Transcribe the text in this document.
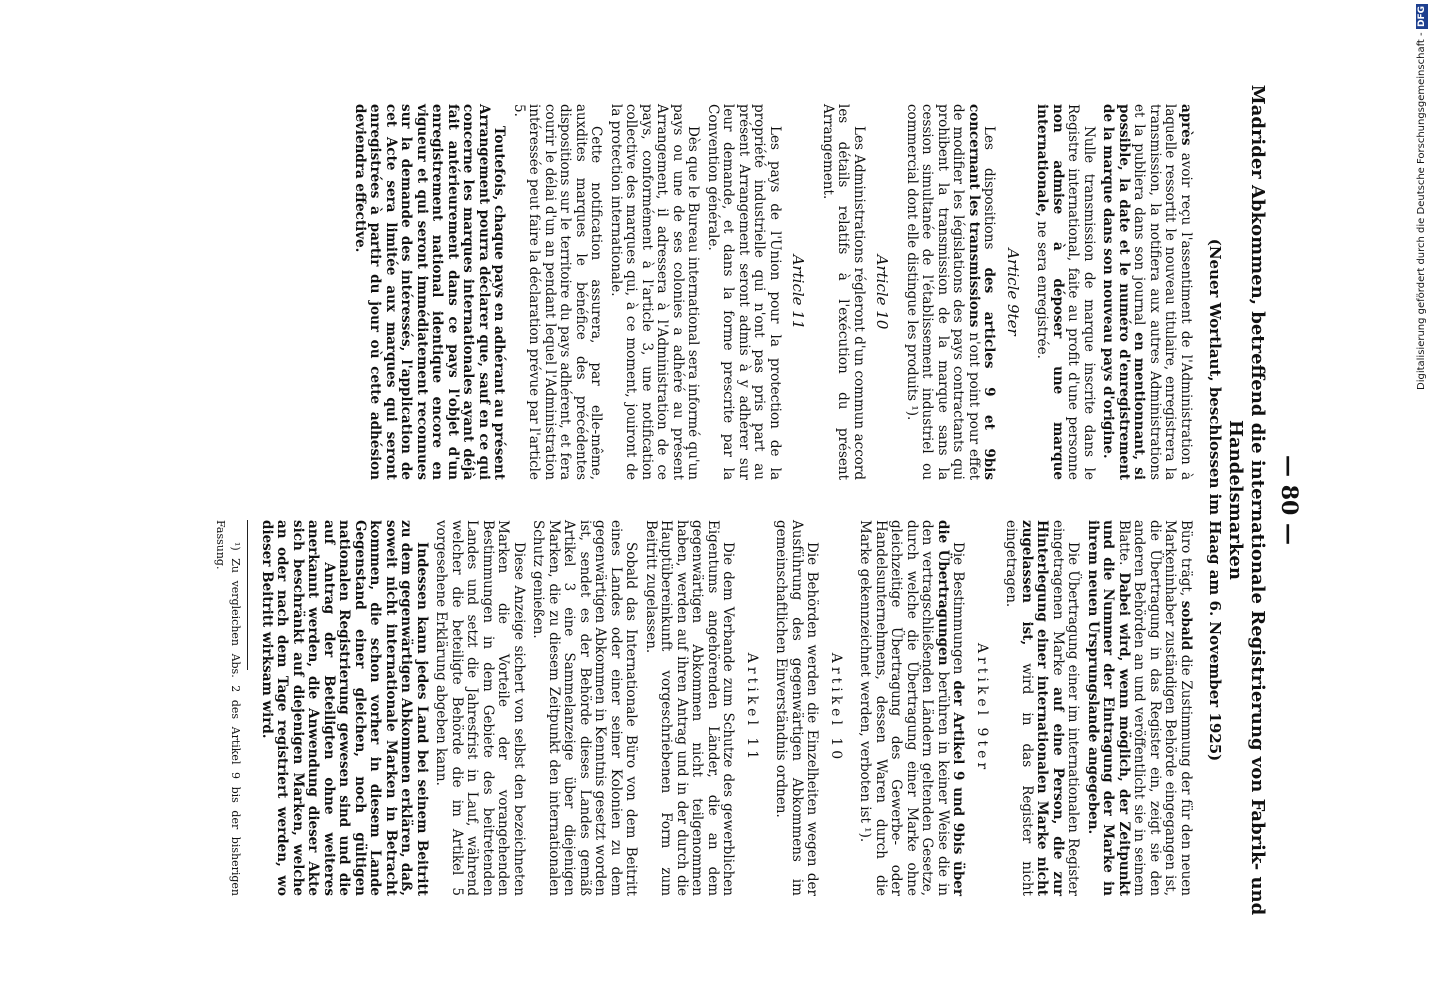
— 80 —
Madrider Abkommen, betreffend die internationale Registrierung von Fabrik- und Handelsmarken
(Neuer Wortlaut, beschlossen im Haag am 6. November 1925)

après avoir reçu l'assentiment de l'Administration à laquelle ressortit le nouveau titulaire, enregistrera la transmission, la notifiera aux autres Administrations et la publiera dans son journal en mentionnant, si possible, la date et le numéro d'enregistrement de la marque dans son nouveau pays d'origine.

Nulle transmission de marque inscrite dans le Registre international, faite au profit d'une personne non admise à déposer une marque internationale, ne sera enregistrée.

Article 9ter

Les dispositions des articles 9 et 9bis concernant les transmissions n'ont point pour effet de modifier les législations des pays contractants qui prohibent la transmission de la marque sans la cession simultanée de l'établissement industriel ou commercial dont elle distingue les produits ¹).

Article 10

Les Administrations régleront d'un commun accord les détails relatifs à l'exécution du présent Arrangement.

Article 11

Les pays de l'Union pour la protection de la propriété industrielle qui n'ont pas pris part au présent Arrangement seront admis à y adhérer sur leur demande, et dans la forme prescrite par la Convention générale.

Dès que le Bureau international sera informé qu'un pays ou une de ses colonies a adhéré au présent Arrangement, il adressera à l'Administration de ce pays, conformément à l'article 3, une notification collective des marques qui, à ce moment, jouiront de la protection internationale.

Cette notification assurera, par elle-même, auxdites marques le bénéfice des précédentes dispositions sur le territoire du pays adhérent, et fera courir le délai d'un an pendant lequel l'Administration intéressée peut faire la déclaration prévue par l'article 5.

Toutefois, chaque pays en adhérant au présent Arrangement pourra déclarer que, sauf en ce qui concerne les marques internationales ayant déjà fait antérieurement dans ce pays l'objet d'un enregistrement national identique encore en vigueur et qui seront immédiatement reconnues sur la demande des intéressés, l'application de cet Acte sera limitée aux marques qui seront enregistrées à partir du jour où cette adhésion deviendra effective.

Büro trägt, sobald die Zustimmung der für den neuen Markeninhaber zuständigen Behörde eingegangen ist, die Übertragung in das Register ein, zeigt sie den anderen Behörden an und veröffentlicht sie in seinem Blatte. Dabei wird, wenn möglich, der Zeitpunkt und die Nummer der Eintragung der Marke in ihrem neuen Ursprungslande angegeben.

Die Übertragung einer im internationalen Register eingetragenen Marke auf eine Person, die zur Hinterlegung einer internationalen Marke nicht zugelassen ist, wird in das Register nicht eingetragen.

Artikel 9ter

Die Bestimmungen der Artikel 9 und 9bis über die Übertragungen berühren in keiner Weise die in den vertragschließenden Ländern geltenden Gesetze, durch welche die Übertragung einer Marke ohne gleichzeitige Übertragung des Gewerbe- oder Handelsunternehmens, dessen Waren durch die Marke gekennzeichnet werden, verboten ist ¹).

Artikel 10

Die Behörden werden die Einzelheiten wegen der Ausführung des gegenwärtigen Abkommens im gemeinschaftlichen Einverständnis ordnen.

Artikel 11

Die dem Verbande zum Schutze des gewerblichen Eigentums angehörenden Länder, die an dem gegenwärtigen Abkommen nicht teilgenommen haben, werden auf ihren Antrag und in der durch die Hauptübereinkunft vorgeschriebenen Form zum Beitritt zugelassen.

Sobald das Internationale Büro von dem Beitritt eines Landes oder einer seiner Kolonien zu dem gegenwärtigen Abkommen in Kenntnis gesetzt worden ist, sendet es der Behörde dieses Landes gemäß Artikel 3 eine Sammelanzeige über diejenigen Marken, die zu diesem Zeitpunkt den internationalen Schutz genießen.

Diese Anzeige sichert von selbst den bezeichneten Marken die Vorteile der vorangehenden Bestimmungen in dem Gebiete des beitretenden Landes und setzt die Jahresfrist in Lauf, während welcher die beteiligte Behörde die im Artikel 5 vorgesehene Erklärung abgeben kann.

Indessen kann jedes Land bei seinem Beitritt zu dem gegenwärtigen Abkommen erklären, daß, soweit nicht internationale Marken in Betracht kommen, die schon vorher in diesem Lande Gegenstand einer gleichen, noch gültigen nationalen Registrierung gewesen sind und die auf Antrag der Beteiligten ohne weiteres anerkannt werden, die Anwendung dieser Akte sich beschränkt auf diejenigen Marken, welche an oder nach dem Tage registriert werden, wo dieser Beitritt wirksam wird.

¹) Zu vergleichen Abs. 2 des Artikel 9 bis der bisherigen Fassung.

Digitalisierung gefördert durch die Deutsche Forschungsgemeinschaft - DFG
